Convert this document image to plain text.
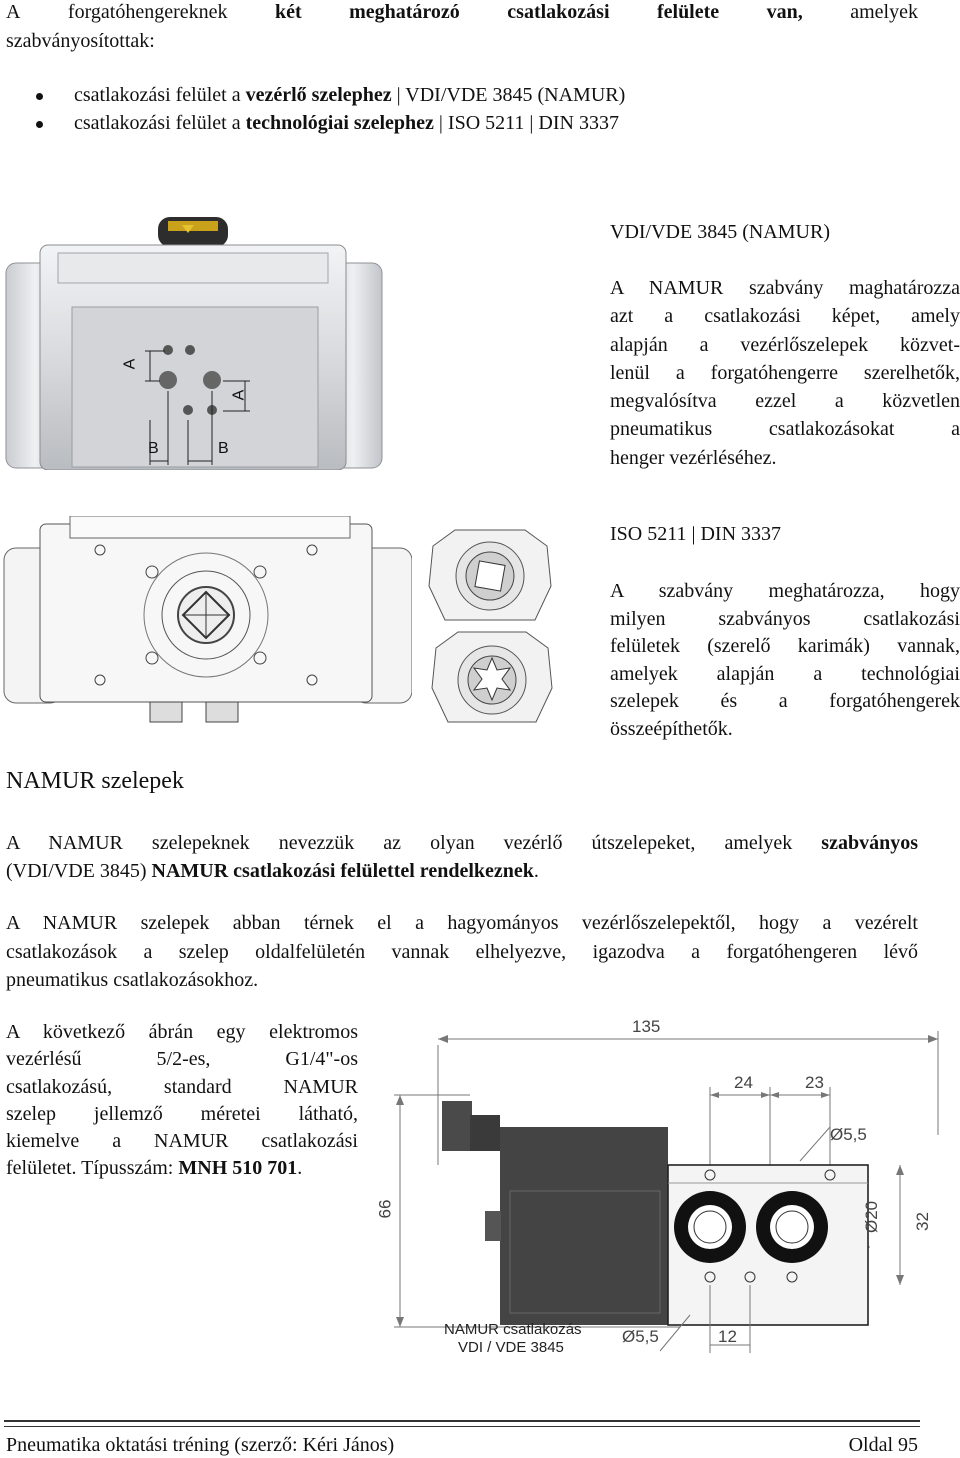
A forgatóhengereknek két meghatározó csatlakozási felülete van, amelyek
szabványosítottak:
csatlakozási felület a vezérlő szelephez | VDI/VDE 3845 (NAMUR)
csatlakozási felület a technológiai szelephez | ISO 5211 | DIN 3337
A
A
B	B
VDI/VDE 3845 (NAMUR)
A NAMUR szabvány maghatározza
azt a csatlakozási képet, amely
alapján a vezérlőszelepek közvet-
lenül a forgatóhengerre szerelhetők,
megvalósítva ezzel a közvetlen
pneumatikus csatlakozásokat a
henger vezérléséhez.
ISO 5211 | DIN 3337
A szabvány meghatározza, hogy
milyen szabványos csatlakozási
felületek (szerelő karimák) vannak,
amelyek alapján a technológiai
szelepek és a forgatóhengerek
összeépíthetők.
NAMUR szelepek
A NAMUR szelepeknek nevezzük az olyan vezérlő útszelepeket, amelyek szabványos
(VDI/VDE 3845) NAMUR csatlakozási felülettel rendelkeznek.
A NAMUR szelepek abban térnek el a hagyományos vezérlőszelepektől, hogy a vezérelt
csatlakozások a szelep oldalfelületén vannak elhelyezve, igazodva a forgatóhengeren lévő
pneumatikus csatlakozásokhoz.
A következő ábrán egy elektromos
vezérlésű 5/2-es, G1/4"-os
csatlakozású, standard NAMUR
szelep jellemző méretei látható,
kiemelve a NAMUR csatlakozási
felületet. Típusszám: MNH 510 701.
135
24	23
Ø5,5
66	Ø20 32
Ø5,5	12
NAMUR csatlakozás
VDI / VDE 3845
Pneumatika oktatási tréning (szerző: Kéri János)	Oldal 95
